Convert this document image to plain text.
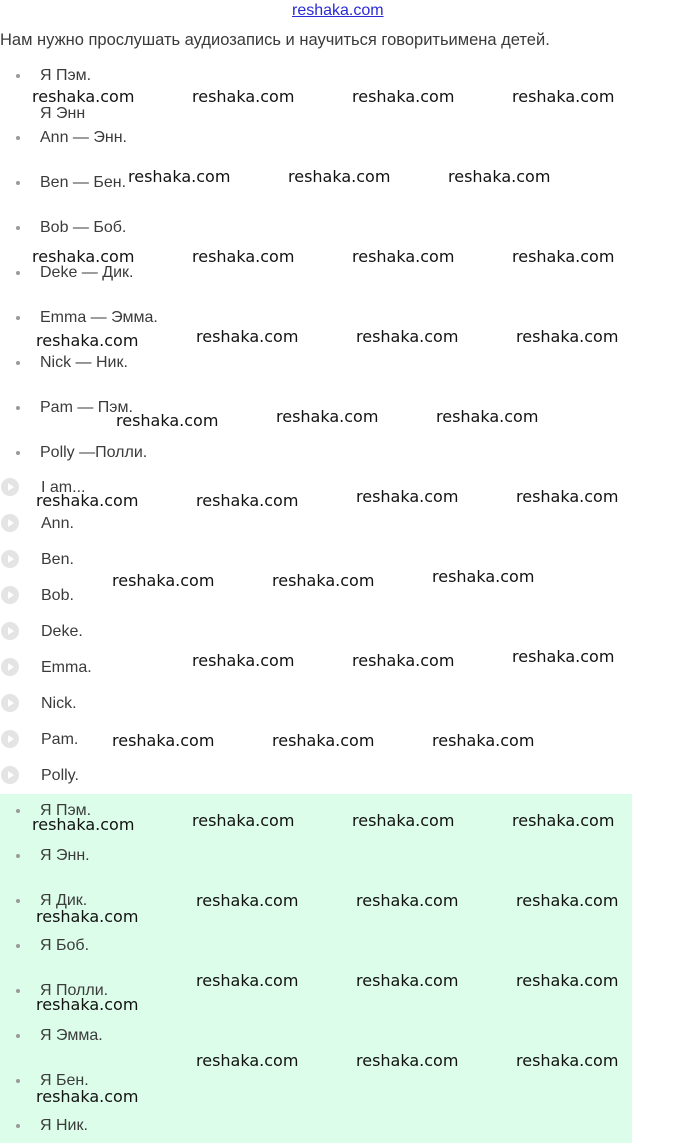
reshaka.com
Нам нужно прослушать аудиозапись и научиться говоритьимена детей.
Я Пэм.
Я Энн
Ann — Энн.
Ben — Бен.
Bob — Боб.
Deke — Дик.
Emma — Эмма.
Nick — Ник.
Pam — Пэм.
Polly —Полли.
I am...
Ann.
Ben.
Bob.
Deke.
Emma.
Nick.
Pam.
Polly.
Я Пэм.
Я Энн.
Я Дик.
Я Боб.
Я Полли.
Я Эмма.
Я Бен.
Я Ник.
reshaka.com	reshaka.com	reshaka.com	reshaka.com
reshaka.com	reshaka.com	reshaka.com
reshaka.com	reshaka.com	reshaka.com	reshaka.com
reshaka.com	reshaka.com	reshaka.com	reshaka.com
reshaka.com	reshaka.com	reshaka.com
reshaka.com	reshaka.com	reshaka.com	reshaka.com
reshaka.com	reshaka.com	reshaka.com
reshaka.com	reshaka.com	reshaka.com
reshaka.com	reshaka.com	reshaka.com
reshaka.com	reshaka.com	reshaka.com	reshaka.com
reshaka.com
reshaka.com	reshaka.com	reshaka.com
reshaka.com
reshaka.com	reshaka.com	reshaka.com
reshaka.com	reshaka.com	reshaka.com
reshaka.com
